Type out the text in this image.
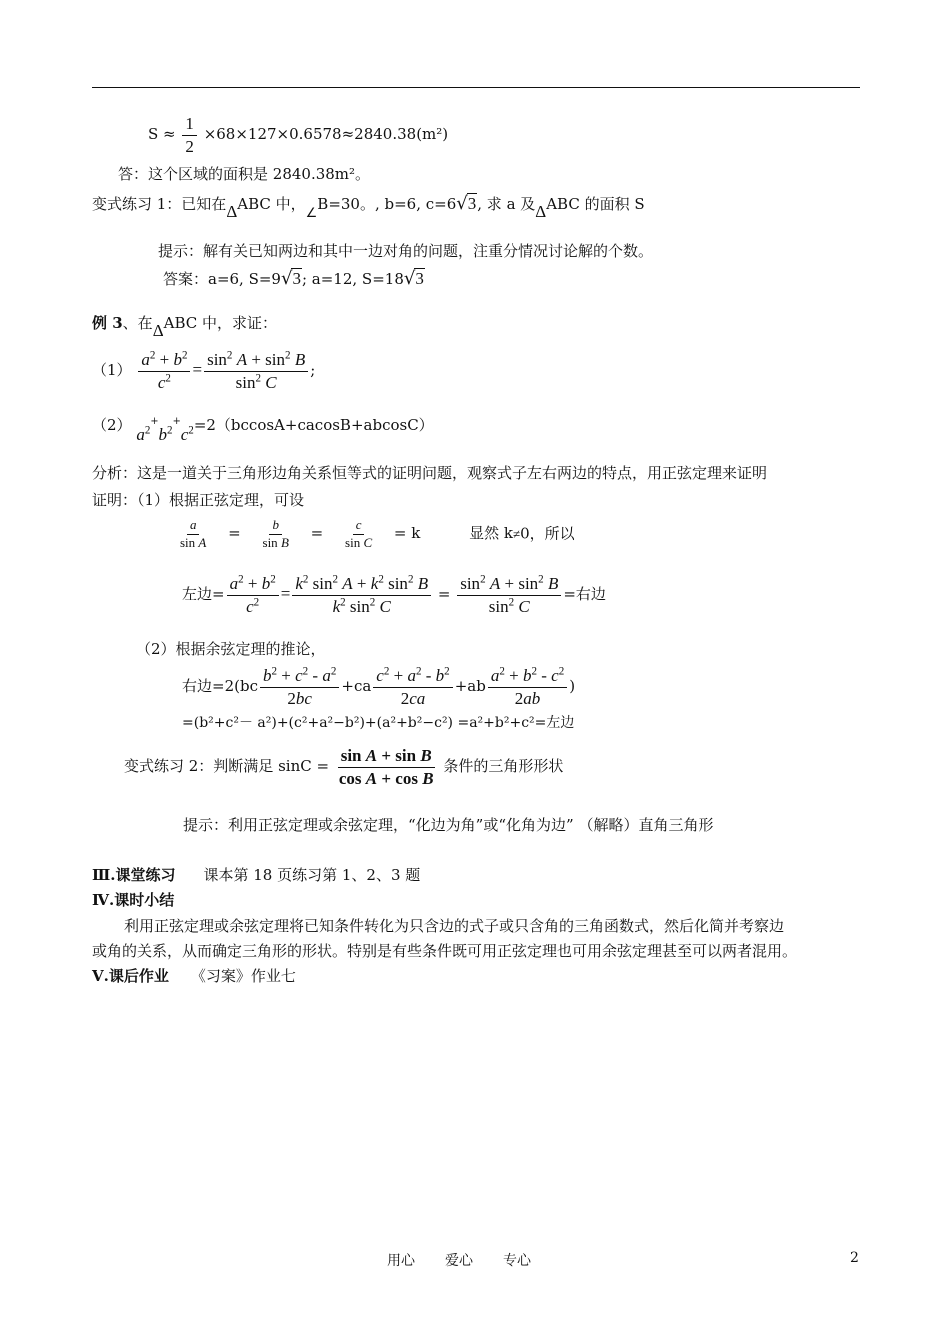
$S \approx \frac{1}{2} \times 68\times 127\times 0.6578\approx 2840.38(m^2)$
答：这个区域的面积是 2840.38m²。
变式练习 1：已知在ΔABC 中，∠B=30。, b=6, c=6√3, 求 a 及ΔABC 的面积 S
提示：解有关已知两边和其中一边对角的问题，注重分情况讨论解的个数。
答案：a=6, S=9√3; a=12, S=18√3
例 3、在ΔABC 中，求证：
$(1) \frac{a^2 + b^2}{c^2} = \frac{\sin^2 A + \sin^2 B}{\sin^2 C}$ ;
（2） $a^{2+}b^{2+}c^2=2(bccosA+cacosB+abcosC)$
分析：这是一道关于三角形边角关系恒等式的证明问题，观察式子左右两边的特点，用正弦定理来证明
证明：（1）根据正弦定理，可设
$\frac{a}{\text{sin A}} = \frac{b}{\text{sin B}} = \frac{c}{\text{sin C}} = k$	显然 k≠0，所以
左边= $\frac{a^2 + b^2}{c^2} = \frac{k^2 \sin^2 A + k^2 \sin^2 B}{k^2 \sin^2 C} = \frac{\sin^2 A + \sin^2 B}{\sin^2 C}$ =右边
（2）根据余弦定理的推论，
右边$=2(bc \frac{b^2 + c^2 - a^2}{2bc} +ca \frac{c^2 + a^2 - b^2}{2ca} +ab \frac{a^2 + b^2 - c^2}{2ab}$ )
=(b²+c²－ a²)+(c²+a²−b²)+(a²+b²−c²) =a²+b²+c²=左边
变式练习 2：判断满足 $\sin C = \frac{\text{sin A + sin B}}{\text{cos A + cos B}}$ 条件的三角形形状
提示：利用正弦定理或余弦定理，“化边为角”或“化角为边” （解略）直角三角形
Ⅲ.课堂练习 课本第 18 页练习第 1、2、3 题
Ⅳ.课时小结
利用正弦定理或余弦定理将已知条件转化为只含边的式子或只含角的三角函数式，然后化简并考察边
或角的关系，从而确定三角形的形状。特别是有些条件既可用正弦定理也可用余弦定理甚至可以两者混用。
Ⅴ.课后作业 《习案》作业七
用心 爱心 专心	2
